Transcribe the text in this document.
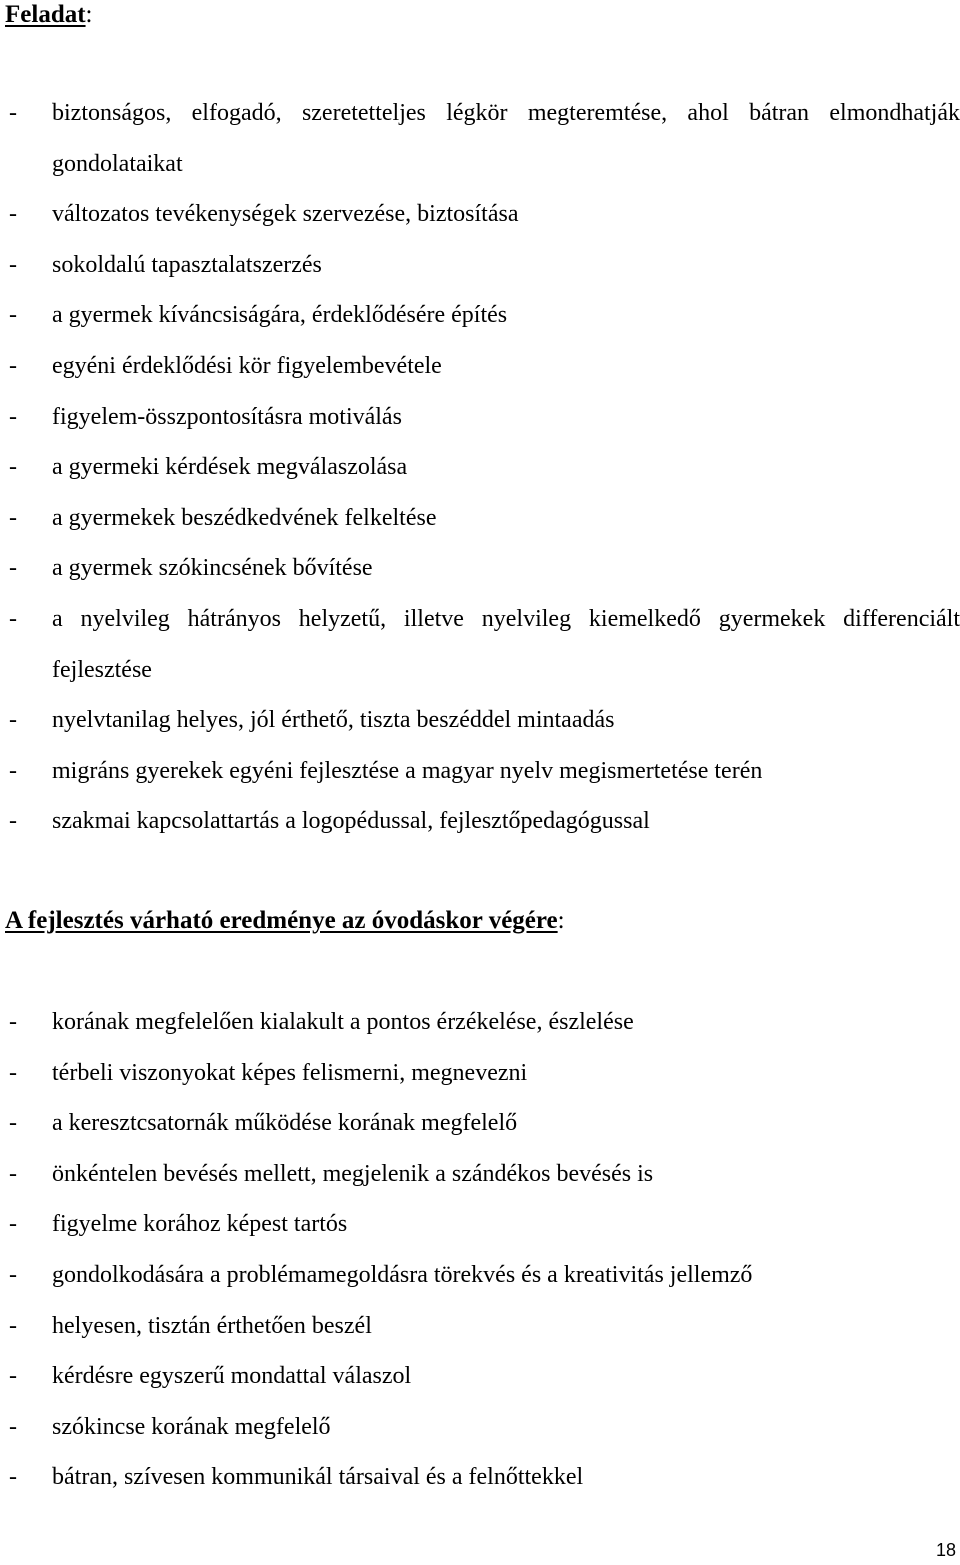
Feladat:
- biztonságos, elfogadó, szeretetteljes légkör megteremtése, ahol bátran elmondhatják gondolataikat
- változatos tevékenységek szervezése, biztosítása
- sokoldalú tapasztalatszerzés
- a gyermek kíváncsiságára, érdeklődésére építés
- egyéni érdeklődési kör figyelembevétele
- figyelem-összpontosításra motiválás
- a gyermeki kérdések megválaszolása
- a gyermekek beszédkedvének felkeltése
- a gyermek szókincsének bővítése
- a nyelvileg hátrányos helyzetű, illetve nyelvileg kiemelkedő gyermekek differenciált fejlesztése
- nyelvtanilag helyes, jól érthető, tiszta beszéddel mintaadás
- migráns gyerekek egyéni fejlesztése a magyar nyelv megismertetése terén
- szakmai kapcsolattartás a logopédussal, fejlesztőpedagógussal
A fejlesztés várható eredménye az óvodáskor végére:
- korának megfelelően kialakult a pontos érzékelése, észlelése
- térbeli viszonyokat képes felismerni, megnevezni
- a keresztcsatornák működése korának megfelelő
- önkéntelen bevésés mellett, megjelenik a szándékos bevésés is
- figyelme korához képest tartós
- gondolkodására a problémamegoldásra törekvés és a kreativitás jellemző
- helyesen, tisztán érthetően beszél
- kérdésre egyszerű mondattal válaszol
- szókincse korának megfelelő
- bátran, szívesen kommunikál társaival és a felnőttekkel
18
